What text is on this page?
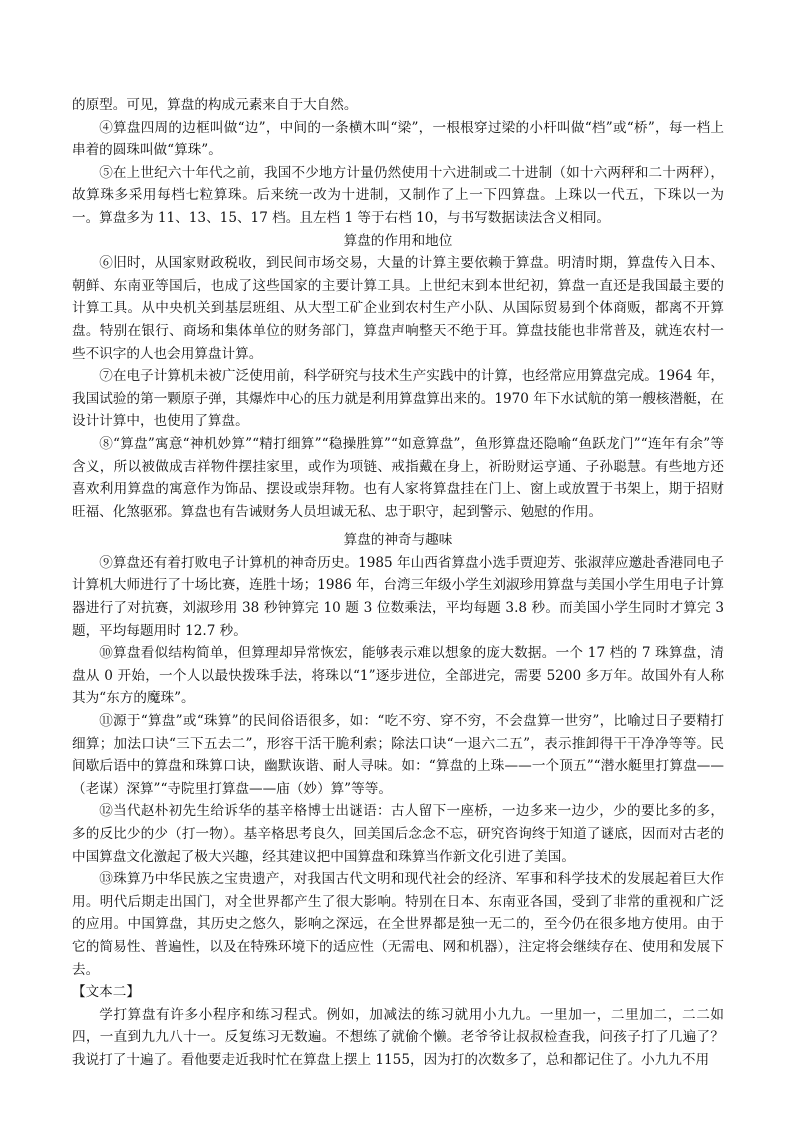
的原型。可见，算盘的构成元素来自于大自然。

④算盘四周的边框叫做“边”，中间的一条横木叫“梁”，一根根穿过梁的小杆叫做“档”或“桥”，每一档上串着的圆珠叫做“算珠”。

⑤在上世纪六十年代之前，我国不少地方计量仍然使用十六进制或二十进制（如十六两秤和二十两秤），故算珠多采用每档七粒算珠。后来统一改为十进制，又制作了上一下四算盘。上珠以一代五，下珠以一为一。算盘多为 11、13、15、17 档。且左档 1 等于右档 10，与书写数据读法含义相同。

算盘的作用和地位

⑥旧时，从国家财政税收，到民间市场交易，大量的计算主要依赖于算盘。明清时期，算盘传入日本、朝鲜、东南亚等国后，也成了这些国家的主要计算工具。上世纪末到本世纪初，算盘一直还是我国最主要的计算工具。从中央机关到基层班组、从大型工矿企业到农村生产小队、从国际贸易到个体商贩，都离不开算盘。特别在银行、商场和集体单位的财务部门，算盘声响整天不绝于耳。算盘技能也非常普及，就连农村一些不识字的人也会用算盘计算。

⑦在电子计算机未被广泛使用前，科学研究与技术生产实践中的计算，也经常应用算盘完成。1964 年，我国试验的第一颗原子弹，其爆炸中心的压力就是利用算盘算出来的。1970 年下水试航的第一艘核潜艇，在设计计算中，也使用了算盘。

⑧“算盘”寓意“神机妙算”“精打细算”“稳操胜算”“如意算盘”，鱼形算盘还隐喻“鱼跃龙门”“连年有余”等含义，所以被做成吉祥物件摆挂家里，或作为项链、戒指戴在身上，祈盼财运亨通、子孙聪慧。有些地方还喜欢利用算盘的寓意作为饰品、摆设或崇拜物。也有人家将算盘挂在门上、窗上或放置于书架上，期于招财旺福、化煞驱邪。算盘也有告诫财务人员坦诚无私、忠于职守，起到警示、勉慰的作用。

算盘的神奇与趣味

⑨算盘还有着打败电子计算机的神奇历史。1985 年山西省算盘小选手贾迎芳、张淑萍应邀赴香港同电子计算机大师进行了十场比赛，连胜十场；1986 年，台湾三年级小学生刘淑珍用算盘与美国小学生用电子计算器进行了对抗赛，刘淑珍用 38 秒钟算完 10 题 3 位数乘法，平均每题 3.8 秒。而美国小学生同时才算完 3 题，平均每题用时 12.7 秒。

⑩算盘看似结构简单，但算理却异常恢宏，能够表示难以想象的庞大数据。一个 17 档的 7 珠算盘，清盘从 0 开始，一个人以最快拨珠手法，将珠以“1”逐步进位，全部进完，需要 5200 多万年。故国外有人称其为“东方的魔珠”。

⑪源于“算盘”或“珠算”的民间俗语很多，如：“吃不穷、穿不穷，不会盘算一世穷”，比喻过日子要精打细算；加法口诀“三下五去二”，形容干活干脆利索；除法口诀“一退六二五”，表示推卸得干干净净等等。民间歇后语中的算盘和珠算口诀，幽默诙谐、耐人寻味。如：“算盘的上珠——一个顶五”“潜水艇里打算盘——（老谋）深算”“寺院里打算盘——庙（妙）算”等等。

⑫当代赵朴初先生给诉华的基辛格博士出谜语：古人留下一座桥，一边多来一边少，少的要比多的多，多的反比少的少（打一物）。基辛格思考良久，回美国后念念不忘，研究咨询终于知道了谜底，因而对古老的中国算盘文化激起了极大兴趣，经其建议把中国算盘和珠算当作新文化引进了美国。

⑬珠算乃中华民族之宝贵遗产，对我国古代文明和现代社会的经济、军事和科学技术的发展起着巨大作用。明代后期走出国门，对全世界都产生了很大影响。特别在日本、东南亚各国，受到了非常的重视和广泛的应用。中国算盘，其历史之悠久，影响之深远，在全世界都是独一无二的，至今仍在很多地方使用。由于它的简易性、普遍性，以及在特殊环境下的适应性（无需电、网和机器），注定将会继续存在、使用和发展下去。

【文本二】

学打算盘有许多小程序和练习程式。例如，加减法的练习就用小九九。一里加一，二里加二，二二如四，一直到九九八十一。反复练习无数遍。不想练了就偷个懒。老爷爷让叔叔检查我，问孩子打了几遍了？我说打了十遍了。看他要走近我时忙在算盘上摆上 1155，因为打的次数多了，总和都记住了。小九九不用
